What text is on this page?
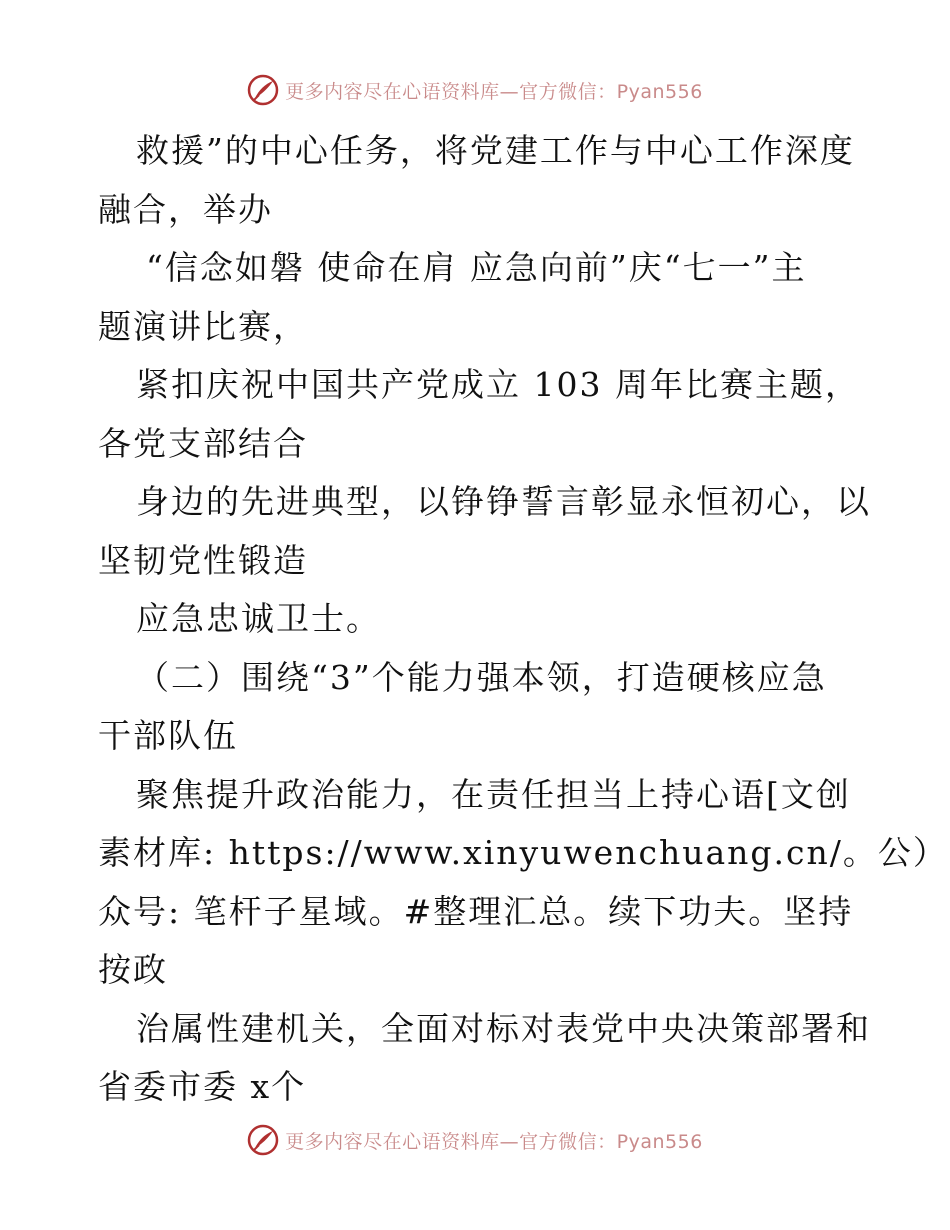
更多内容尽在心语资料库—官方微信：Pyan556
救援”的中心任务，将党建工作与中心工作深度
融合，举办
“信念如磐 使命在肩 应急向前”庆“七一”主
题演讲比赛，
紧扣庆祝中国共产党成立 103 周年比赛主题，
各党支部结合
身边的先进典型，以铮铮誓言彰显永恒初心，以
坚韧党性锻造
应急忠诚卫士。
（二）围绕“3”个能力强本领，打造硬核应急
干部队伍
聚焦提升政治能力，在责任担当上持心语[文创
素材库: https://www.xinyuwenchuang.cn/。公）
众号: 笔杆子星域。#整理汇总。续下功夫。坚持
按政
治属性建机关，全面对标对表党中央决策部署和
省委市委 x个
更多内容尽在心语资料库—官方微信：Pyan556
